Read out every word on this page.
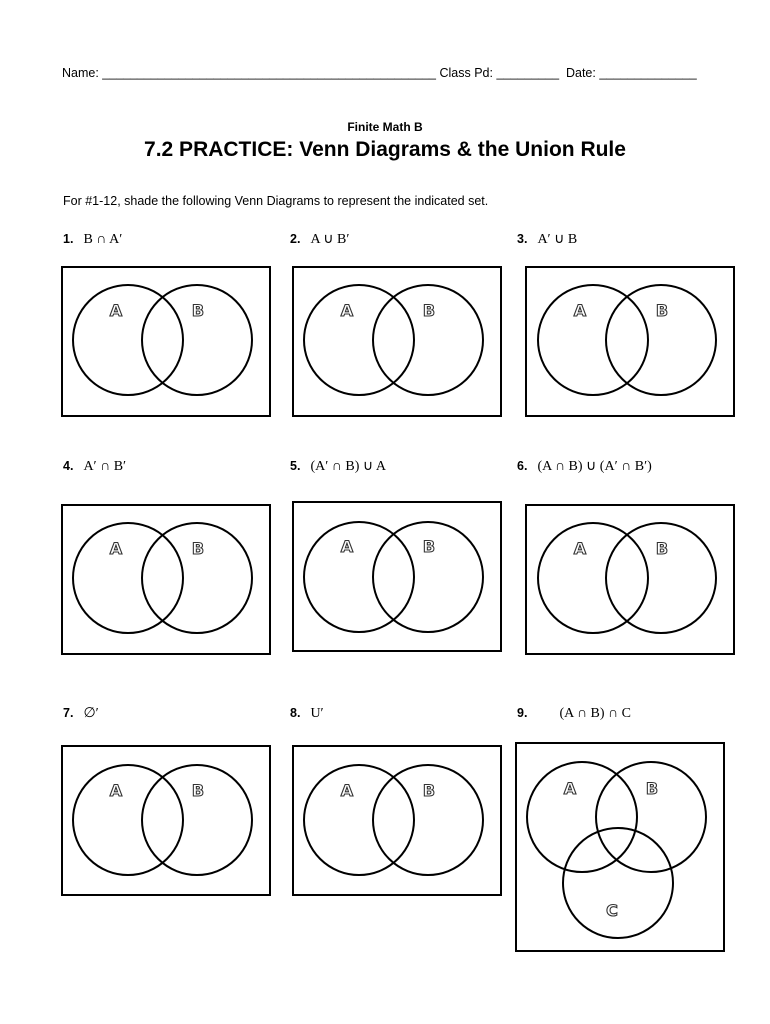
Name: ________________________________________________ Class Pd: _________ Date: ______________
Finite Math B
7.2 PRACTICE: Venn Diagrams & the Union Rule
For #1-12, shade the following Venn Diagrams to represent the indicated set.
1. B ∩ A′	2. A ∪ B′	3. A′ ∪ B
4. A′ ∩ B′	5. (A′ ∩ B) ∪ A	6. (A ∩ B) ∪ (A′ ∩ B′)
7. ∅′	8. U′	9. (A ∩ B) ∩ C
A	B	A	B	A	B
A	B	A	B	A	B
A	B	A	B	A	B
C
